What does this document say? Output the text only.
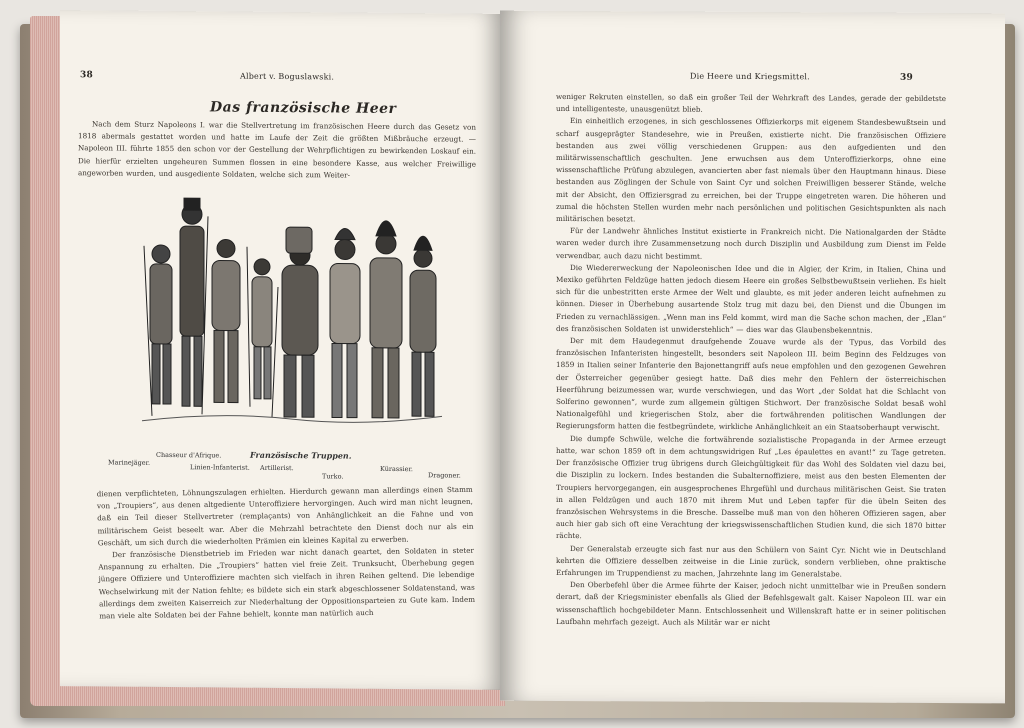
38	Albert v. Boguslawski.
Das französische Heer

Nach dem Sturz Napoleons I. war die Stellvertretung im französischen Heere durch das Gesetz von 1818 abermals gestattet worden und hatte im Laufe der Zeit die größten Mißbräuche erzeugt. — Napoleon III. führte 1855 den schon vor der Gestellung der Wehrpflichtigen zu bewirkenden Loskauf ein. Die hierfür erzielten ungeheuren Summen flossen in eine besondere Kasse, aus welcher Freiwillige angeworben wurden, und ausgediente Soldaten, welche sich zum Weiter-

Französische Truppen.
Marinejäger.
Chasseur d'Afrique.
Linien-Infanterist. Artillerist.
Turko.
Kürassier.
Dragoner.

dienen verpflichteten, Löhnungszulagen erhielten. Hierdurch gewann man allerdings einen Stamm von „Troupiers“, aus denen altgediente Unteroffiziere hervorgingen. Auch wird man nicht leugnen, daß ein Teil dieser Stellvertreter (remplaçants) von Anhänglichkeit an die Fahne und von militärischem Geist beseelt war. Aber die Mehrzahl betrachtete den Dienst doch nur als ein Geschäft, um sich durch die wiederholten Prämien ein kleines Kapital zu erwerben.

Der französische Dienstbetrieb im Frieden war nicht danach geartet, den Soldaten in steter Anspannung zu erhalten. Die „Troupiers“ hatten viel freie Zeit. Trunksucht, Überhebung gegen jüngere Offiziere und Unteroffiziere machten sich vielfach in ihren Reihen geltend. Die lebendige Wechselwirkung mit der Nation fehlte; es bildete sich ein stark abgeschlossener Soldatenstand, was allerdings dem zweiten Kaiserreich zur Niederhaltung der Oppositionsparteien zu Gute kam. Indem man viele alte Soldaten bei der Fahne behielt, konnte man natürlich auch

Die Heere und Kriegsmittel.	39

weniger Rekruten einstellen, so daß ein großer Teil der Wehrkraft des Landes, gerade der gebildetste und intelligenteste, unausgenützt blieb.

Ein einheitlich erzogenes, in sich geschlossenes Offizierkorps mit eigenem Standesbewußtsein und scharf ausgeprägter Standesehre, wie in Preußen, existierte nicht. Die französischen Offiziere bestanden aus zwei völlig verschiedenen Gruppen: aus den aufgedienten und den militärwissenschaftlich geschulten. Jene erwuchsen aus dem Unteroffizierkorps, ohne eine wissenschaftliche Prüfung abzulegen, avancierten aber fast niemals über den Hauptmann hinaus. Diese bestanden aus Zöglingen der Schule von Saint Cyr und solchen Freiwilligen besserer Stände, welche mit der Absicht, den Offiziersgrad zu erreichen, bei der Truppe eingetreten waren. Die höheren und zumal die höchsten Stellen wurden mehr nach persönlichen und politischen Gesichtspunkten als nach militärischen besetzt.

Für der Landwehr ähnliches Institut existierte in Frankreich nicht. Die Nationalgarden der Städte waren weder durch ihre Zusammensetzung noch durch Disziplin und Ausbildung zum Dienst im Felde verwendbar, auch dazu nicht bestimmt.

Die Wiedererweckung der Napoleonischen Idee und die in Algier, der Krim, in Italien, China und Mexiko geführten Feldzüge hatten jedoch diesem Heere ein großes Selbstbewußtsein verliehen. Es hielt sich für die unbestritten erste Armee der Welt und glaubte, es mit jeder anderen leicht aufnehmen zu können. Dieser in Überhebung ausartende Stolz trug mit dazu bei, den Dienst und die Übungen im Frieden zu vernachlässigen. „Wenn man ins Feld kommt, wird man die Sache schon machen, der „Elan“ des französischen Soldaten ist unwiderstehlich“ — dies war das Glaubensbekenntnis.

Der mit dem Haudegenmut draufgehende Zouave wurde als der Typus, das Vorbild des französischen Infanteristen hingestellt, besonders seit Napoleon III. beim Beginn des Feldzuges von 1859 in Italien seiner Infanterie den Bajonettangriff aufs neue empfohlen und den gezogenen Gewehren der Österreicher gegenüber gesiegt hatte. Daß dies mehr den Fehlern der österreichischen Heerführung beizumessen war, wurde verschwiegen, und das Wort „der Soldat hat die Schlacht von Solferino gewonnen“, wurde zum allgemein gültigen Stichwort. Der französische Soldat besaß wohl Nationalgefühl und kriegerischen Stolz, aber die fortwährenden politischen Wandlungen der Regierungsform hatten die festbegründete, wirkliche Anhänglichkeit an ein Staatsoberhaupt verwischt.

Die dumpfe Schwüle, welche die fortwährende sozialistische Propaganda in der Armee erzeugt hatte, war schon 1859 oft in dem achtungswidrigen Ruf „Les épaulettes en avant!“ zu Tage getreten. Der französische Offizier trug übrigens durch Gleichgültigkeit für das Wohl des Soldaten viel dazu bei, die Disziplin zu lockern. Indes bestanden die Subalternoffiziere, meist aus den besten Elementen der Troupiers hervorgegangen, ein ausgesprochenes Ehrgefühl und durchaus militärischen Geist. Sie traten in allen Feldzügen und auch 1870 mit ihrem Mut und Leben tapfer für die übeln Seiten des französischen Wehrsystems in die Bresche. Dasselbe muß man von den höheren Offizieren sagen, aber auch hier gab sich oft eine Verachtung der kriegswissenschaftlichen Studien kund, die sich 1870 bitter rächte.

Der Generalstab erzeugte sich fast nur aus den Schülern von Saint Cyr. Nicht wie in Deutschland kehrten die Offiziere desselben zeitweise in die Linie zurück, sondern verblieben, ohne praktische Erfahrungen im Truppendienst zu machen, Jahrzehnte lang im Generalstabe.

Den Oberbefehl über die Armee führte der Kaiser, jedoch nicht unmittelbar wie in Preußen sondern derart, daß der Kriegsminister ebenfalls als Glied der Befehlsgewalt galt. Kaiser Napoleon III. war ein wissenschaftlich hochgebildeter Mann. Entschlossenheit und Willenskraft hatte er in seiner politischen Laufbahn mehrfach gezeigt. Auch als Militär war er nicht
